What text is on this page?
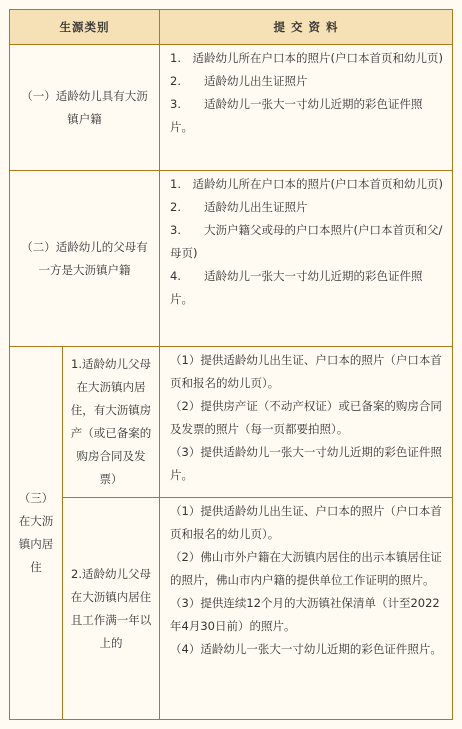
生源类别	提 交 资 料
（一）适龄幼儿具有大沥镇户籍
1.　适龄幼儿所在户口本的照片(户口本首页和幼儿页)
2.　　适龄幼儿出生证照片
3.　　适龄幼儿一张大一寸幼儿近期的彩色证件照片。
（二）适龄幼儿的父母有一方是大沥镇户籍
1.　适龄幼儿所在户口本的照片(户口本首页和幼儿页)
2.　　适龄幼儿出生证照片
3.　　大沥户籍父或母的户口本照片(户口本首页和父/母页)
4.　　适龄幼儿一张大一寸幼儿近期的彩色证件照片。
（三）在大沥镇内居住
1.适龄幼儿父母在大沥镇内居住，有大沥镇房产（或已备案的购房合同及发票）
（1）提供适龄幼儿出生证、户口本的照片（户口本首页和报名的幼儿页）。
（2）提供房产证（不动产权证）或已备案的购房合同及发票的照片（每一页都要拍照）。
（3）提供适龄幼儿一张大一寸幼儿近期的彩色证件照片。
2.适龄幼儿父母在大沥镇内居住且工作满一年以上的
（1）提供适龄幼儿出生证、户口本的照片（户口本首页和报名的幼儿页）。
（2）佛山市外户籍在大沥镇内居住的出示本镇居住证的照片，佛山市内户籍的提供单位工作证明的照片。
（3）提供连续12个月的大沥镇社保清单（计至2022年4月30日前）的照片。
（4）适龄幼儿一张大一寸幼儿近期的彩色证件照片。
